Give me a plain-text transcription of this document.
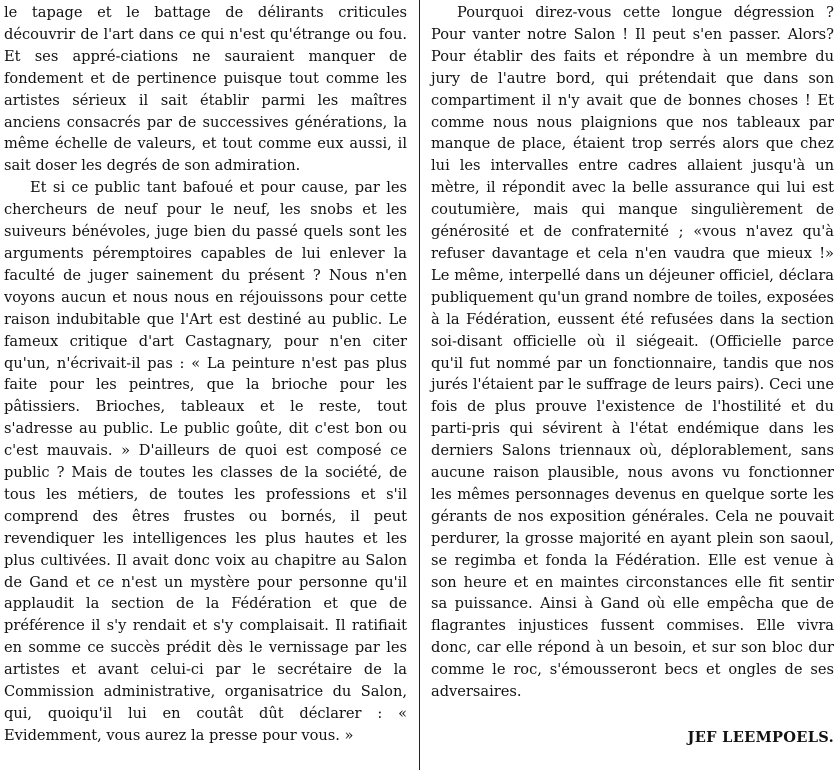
le tapage et le battage de délirants criticules découvrir de l'art dans ce qui n'est qu'étrange ou fou. Et ses appré-ciations ne sauraient manquer de fondement et de pertinence puisque tout comme les artistes sérieux il sait établir parmi les maîtres anciens consacrés par de successives générations, la même échelle de valeurs, et tout comme eux aussi, il sait doser les degrés de son admiration.

Et si ce public tant bafoué et pour cause, par les chercheurs de neuf pour le neuf, les snobs et les suiveurs bénévoles, juge bien du passé quels sont les arguments péremptoires capables de lui enlever la faculté de juger sainement du présent ? Nous n'en voyons aucun et nous nous en réjouissons pour cette raison indubitable que l'Art est destiné au public. Le fameux critique d'art Castagnary, pour n'en citer qu'un, n'écrivait-il pas : « La peinture n'est pas plus faite pour les peintres, que la brioche pour les pâtissiers. Brioches, tableaux et le reste, tout s'adresse au public. Le public goûte, dit c'est bon ou c'est mauvais. » D'ailleurs de quoi est composé ce public ? Mais de toutes les classes de la société, de tous les métiers, de toutes les professions et s'il comprend des êtres frustes ou bornés, il peut revendiquer les intelligences les plus hautes et les plus cultivées. Il avait donc voix au chapitre au Salon de Gand et ce n'est un mystère pour personne qu'il applaudit la section de la Fédération et que de préférence il s'y rendait et s'y complaisait. Il ratifiait en somme ce succès prédit dès le vernissage par les artistes et avant celui-ci par le secrétaire de la Commission administrative, organisatrice du Salon, qui, quoiqu'il lui en coutât dût déclarer : « Evidemment, vous aurez la presse pour vous. »

Pourquoi direz-vous cette longue dégression ? Pour vanter notre Salon ! Il peut s'en passer. Alors? Pour établir des faits et répondre à un membre du jury de l'autre bord, qui prétendait que dans son compartiment il n'y avait que de bonnes choses ! Et comme nous nous plaignions que nos tableaux par manque de place, étaient trop serrés alors que chez lui les intervalles entre cadres allaient jusqu'à un mètre, il répondit avec la belle assurance qui lui est coutumière, mais qui manque singulièrement de générosité et de confraternité ; «vous n'avez qu'à refuser davantage et cela n'en vaudra que mieux !» Le même, interpellé dans un déjeuner officiel, déclara publiquement qu'un grand nombre de toiles, exposées à la Fédération, eussent été refusées dans la section soi-disant officielle où il siégeait. (Officielle parce qu'il fut nommé par un fonctionnaire, tandis que nos jurés l'étaient par le suffrage de leurs pairs). Ceci une fois de plus prouve l'existence de l'hostilité et du parti-pris qui sévirent à l'état endémique dans les derniers Salons triennaux où, déplorablement, sans aucune raison plausible, nous avons vu fonctionner les mêmes personnages devenus en quelque sorte les gérants de nos exposition générales. Cela ne pouvait perdurer, la grosse majorité en ayant plein son saoul, se regimba et fonda la Fédération. Elle est venue à son heure et en maintes circonstances elle fit sentir sa puissance. Ainsi à Gand où elle empêcha que de flagrantes injustices fussent commises. Elle vivra donc, car elle répond à un besoin, et sur son bloc dur comme le roc, s'émousseront becs et ongles de ses adversaires.

JEF LEEMPOELS.
